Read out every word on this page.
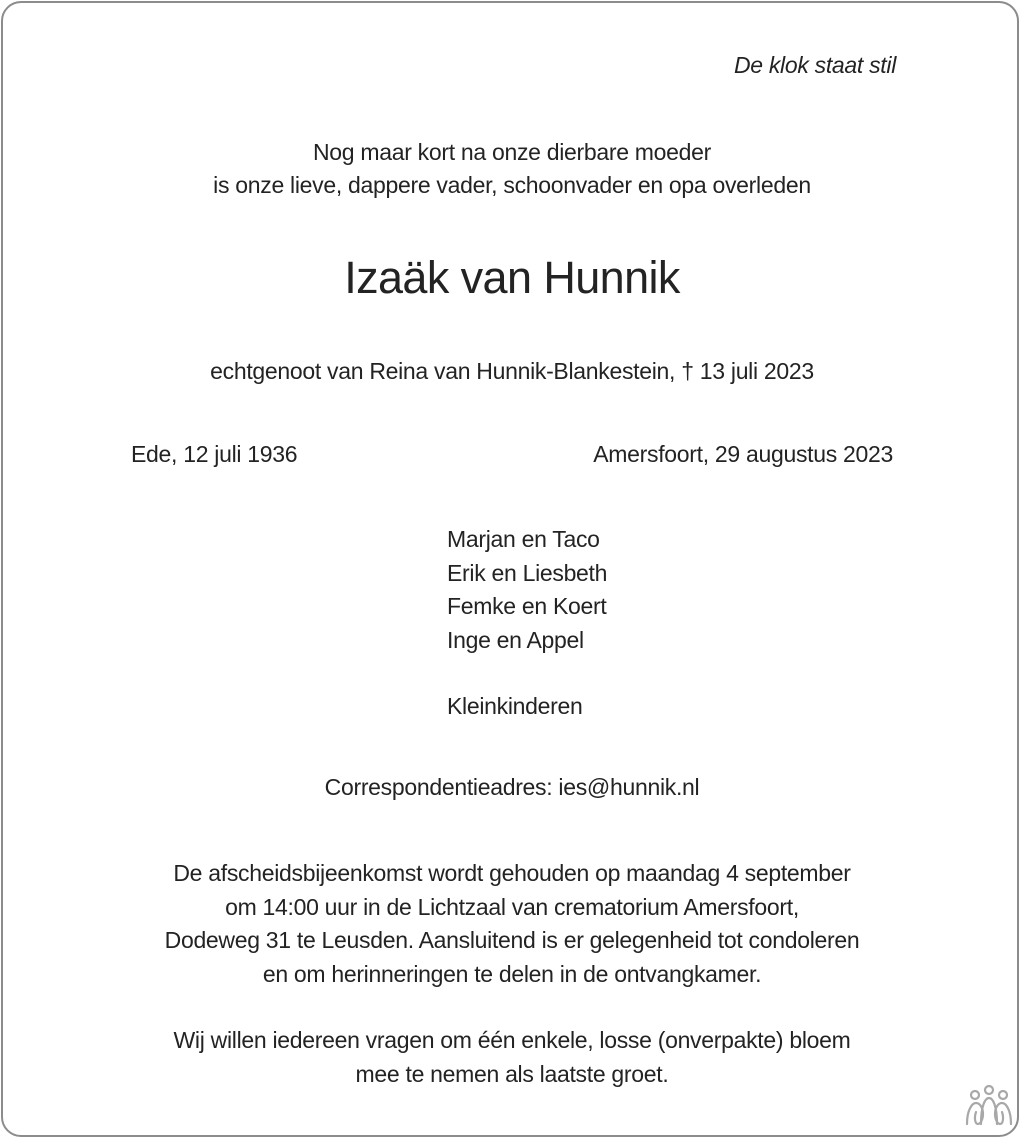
De klok staat stil
Nog maar kort na onze dierbare moeder
is onze lieve, dappere vader, schoonvader en opa overleden
Izaäk van Hunnik
echtgenoot van Reina van Hunnik-Blankestein, † 13 juli 2023
Ede, 12 juli 1936	Amersfoort, 29 augustus 2023
Marjan en Taco
Erik en Liesbeth
Femke en Koert
Inge en Appel
Kleinkinderen
Correspondentieadres: ies@hunnik.nl
De afscheidsbijeenkomst wordt gehouden op maandag 4 september
om 14:00 uur in de Lichtzaal van crematorium Amersfoort,
Dodeweg 31 te Leusden. Aansluitend is er gelegenheid tot condoleren
en om herinneringen te delen in de ontvangkamer.
Wij willen iedereen vragen om één enkele, losse (onverpakte) bloem
mee te nemen als laatste groet.
